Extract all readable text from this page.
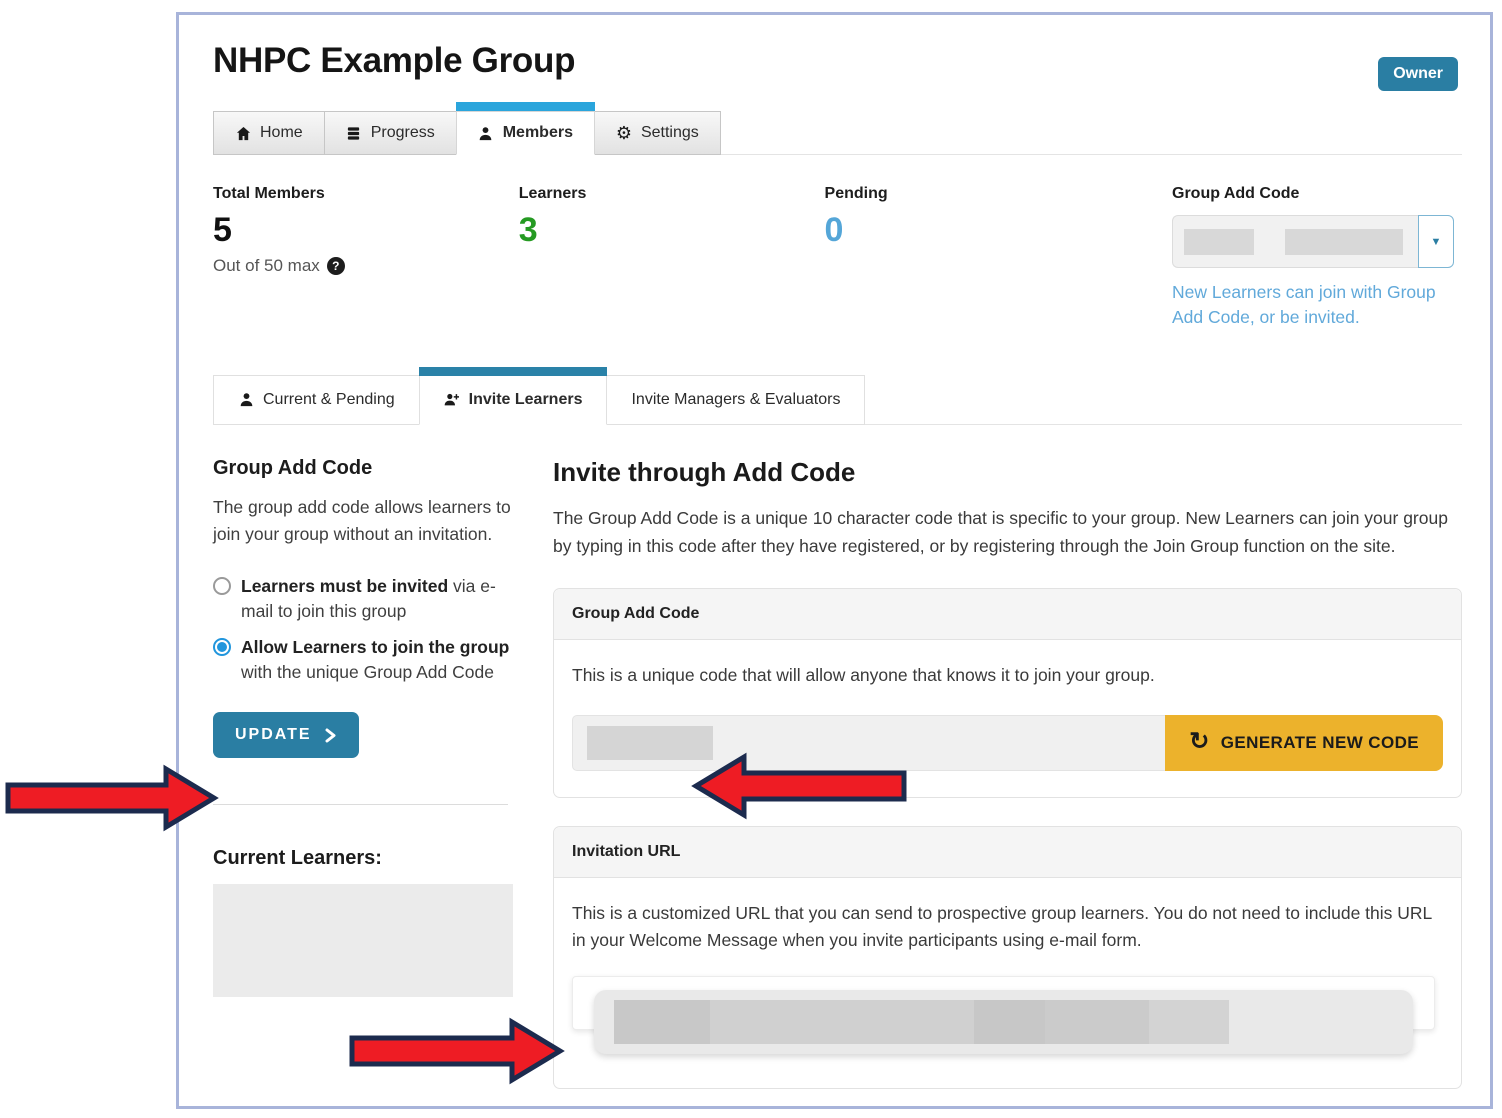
NHPC Example Group	Owner
Home	Progress	Members ⚙ Settings
Total Members
5
Out of 50 max	?
Learners
3
Pending
0
Group Add Code
▼
New Learners can join with Group Add Code, or be invited.
Current & Pending	Invite Learners	Invite Managers & Evaluators
Group Add Code

The group add code allows learners to join your group without an invitation.

Learners must be invited via e-mail to join this group
Allow Learners to join the group with the unique Group Add Code
UPDATE
Current Learners:
Invite through Add Code

The Group Add Code is a unique 10 character code that is specific to your group. New Learners can join your group by typing in this code after they have registered, or by registering through the Join Group function on the site.

Group Add Code

This is a unique code that will allow anyone that knows it to join your group.

↻ GENERATE NEW CODE
Invitation URL

This is a customized URL that you can send to prospective group learners. You do not need to include this URL in your Welcome Message when you invite participants using e-mail form.
